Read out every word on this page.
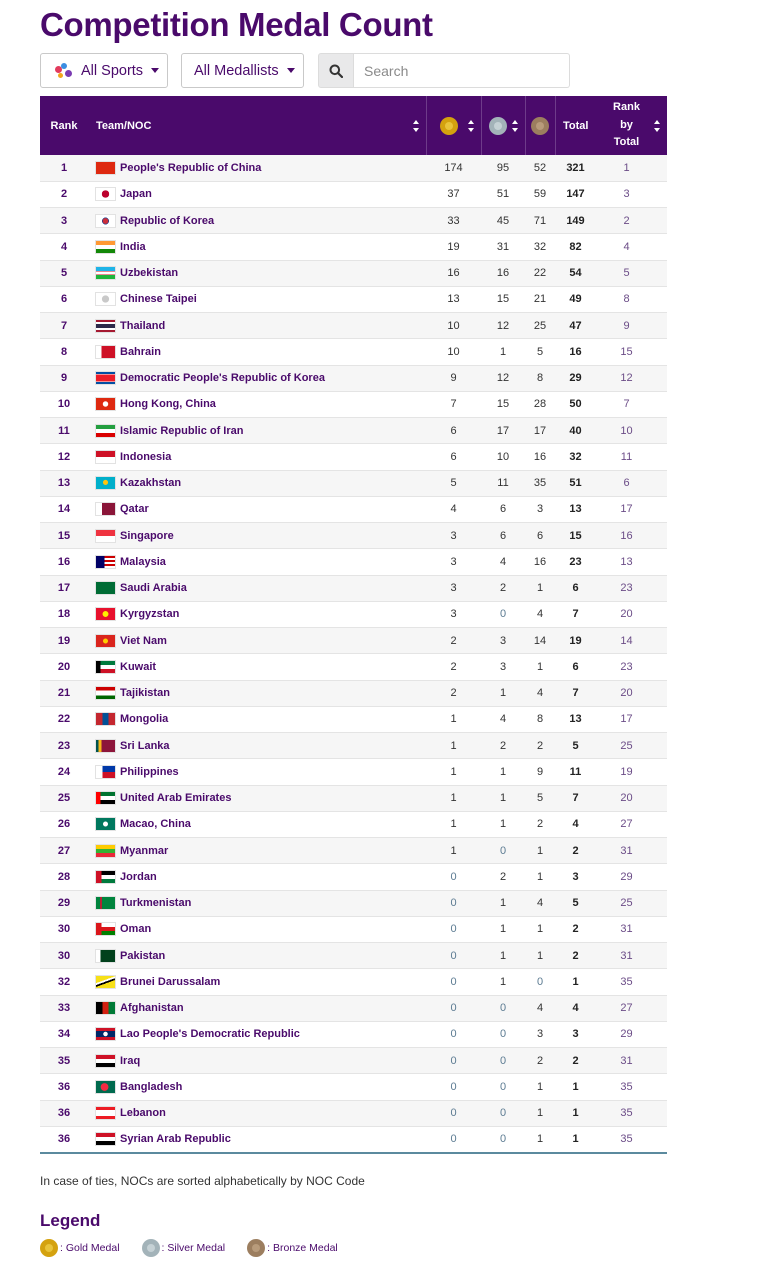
Competition Medal Count
All Sports	All Medallists
Search
Rank	Team/NOC				Total	Rank by Total

1	People's Republic of China	174	95	52	321	1
2	Japan	37	51	59	147	3
3	Republic of Korea	33	45	71	149	2
4	India	19	31	32	82	4
5	Uzbekistan	16	16	22	54	5
6	Chinese Taipei	13	15	21	49	8
7	Thailand	10	12	25	47	9
8	Bahrain	10	1	5	16	15
9	Democratic People's Republic of Korea	9	12	8	29	12
10	Hong Kong, China	7	15	28	50	7
11	Islamic Republic of Iran	6	17	17	40	10
12	Indonesia	6	10	16	32	11
13	Kazakhstan	5	11	35	51	6
14	Qatar	4	6	3	13	17
15	Singapore	3	6	6	15	16
16	Malaysia	3	4	16	23	13
17	Saudi Arabia	3	2	1	6	23
18	Kyrgyzstan	3	0	4	7	20
19	Viet Nam	2	3	14	19	14
20	Kuwait	2	3	1	6	23
21	Tajikistan	2	1	4	7	20
22	Mongolia	1	4	8	13	17
23	Sri Lanka	1	2	2	5	25
24	Philippines	1	1	9	11	19
25	United Arab Emirates	1	1	5	7	20
26	Macao, China	1	1	2	4	27
27	Myanmar	1	0	1	2	31
28	Jordan	0	2	1	3	29
29	Turkmenistan	0	1	4	5	25
30	Oman	0	1	1	2	31
30	Pakistan	0	1	1	2	31
32	Brunei Darussalam	0	1	0	1	35
33	Afghanistan	0	0	4	4	27
34	Lao People's Democratic Republic	0	0	3	3	29
35	Iraq	0	0	2	2	31
36	Bangladesh	0	0	1	1	35
36	Lebanon	0	0	1	1	35
36	Syrian Arab Republic	0	0	1	1	35
In case of ties, NOCs are sorted alphabetically by NOC Code
Legend
: Gold Medal	: Silver Medal	: Bronze Medal
